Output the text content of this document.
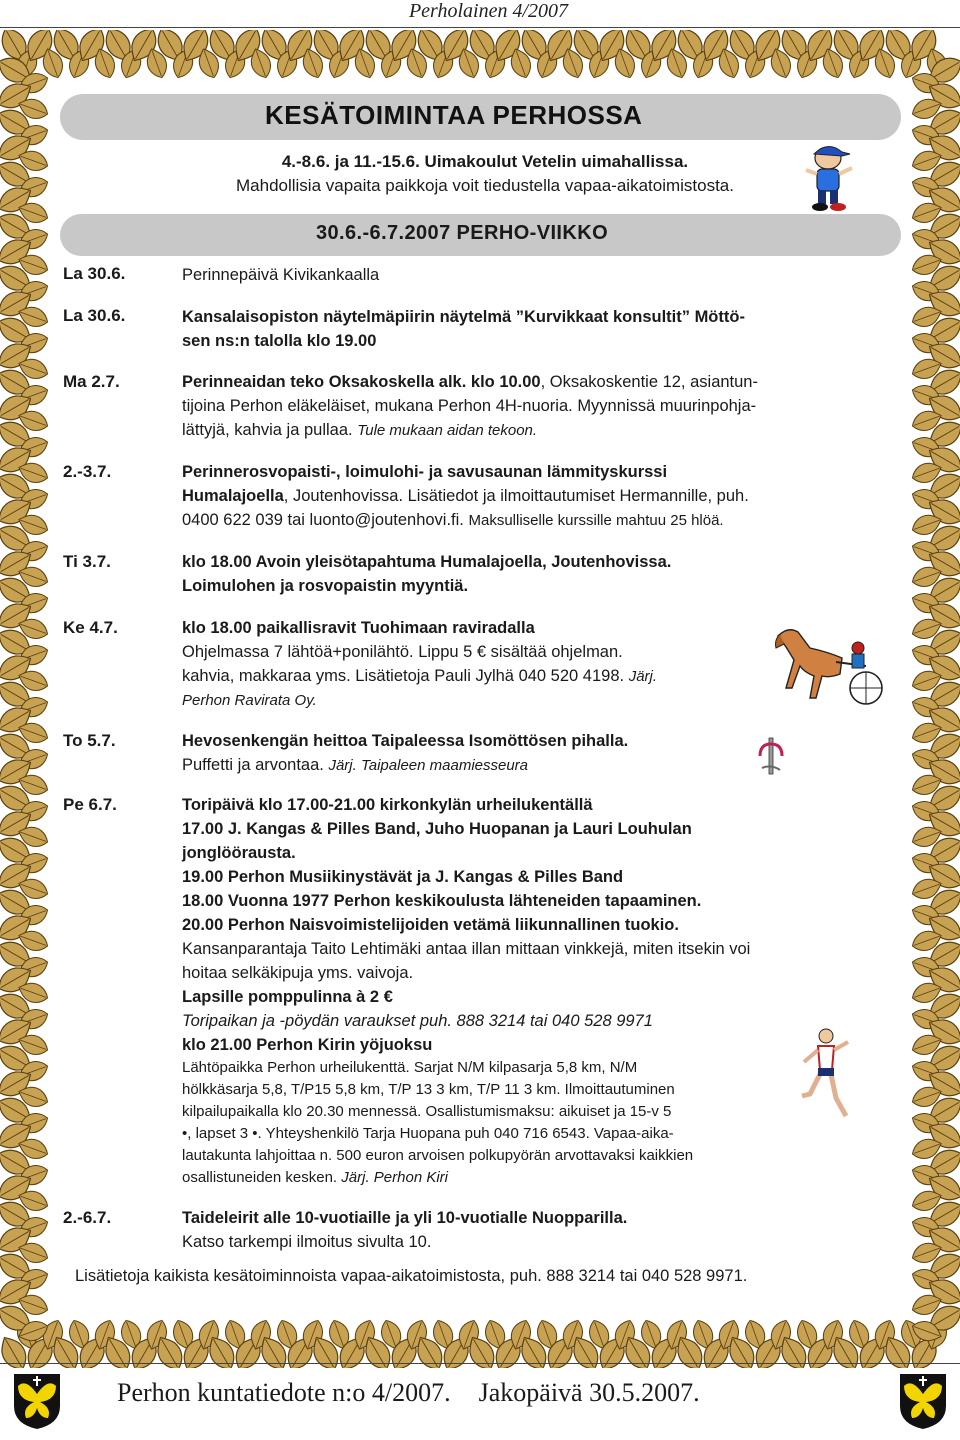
Perholainen 4/2007
KESÄTOIMINTAA PERHOSSA
4.-8.6. ja 11.-15.6. Uimakoulut Vetelin uimahallissa.
Mahdollisia vapaita paikkoja voit tiedustella vapaa-aikatoimistosta.
30.6.-6.7.2007 PERHO-VIIKKO
La 30.6.	Perinnepäivä Kivikankaalla
La 30.6.	Kansalaisopiston näytelmäpiirin näytelmä ”Kurvikkaat konsultit” Möttö-
sen ns:n talolla klo 19.00
Ma 2.7.	Perinneaidan teko Oksakoskella alk. klo 10.00, Oksakoskentie 12, asiantun-
tijoina Perhon eläkeläiset, mukana Perhon 4H-nuoria. Myynnissä muurinpohja-
lättyjä, kahvia ja pullaa. Tule mukaan aidan tekoon.
2.-3.7.	Perinnerosvopaisti-, loimulohi- ja savusaunan lämmityskurssi
Humalajoella, Joutenhovissa. Lisätiedot ja ilmoittautumiset Hermannille, puh.
0400 622 039 tai luonto@joutenhovi.fi. Maksulliselle kurssille mahtuu 25 hlöä.
Ti 3.7.	klo 18.00 Avoin yleisötapahtuma Humalajoella, Joutenhovissa.
Loimulohen ja rosvopaistin myyntiä.
Ke 4.7.	klo 18.00 paikallisravit Tuohimaan raviradalla
Ohjelmassa 7 lähtöä+ponilähtö. Lippu 5 € sisältää ohjelman.
kahvia, makkaraa yms. Lisätietoja Pauli Jylhä 040 520 4198. Järj.
Perhon Ravirata Oy.
To 5.7.	Hevosenkengän heittoa Taipaleessa Isomöttösen pihalla.
Puffetti ja arvontaa. Järj. Taipaleen maamiesseura
Pe 6.7.	Toripäivä klo 17.00-21.00 kirkonkylän urheilukentällä
17.00 J. Kangas & Pilles Band, Juho Huopanan ja Lauri Louhulan
jonglöörausta.
19.00 Perhon Musiikinystävät ja J. Kangas & Pilles Band
18.00 Vuonna 1977 Perhon keskikoulusta lähteneiden tapaaminen.
20.00 Perhon Naisvoimistelijoiden vetämä liikunnallinen tuokio.
Kansanparantaja Taito Lehtimäki antaa illan mittaan vinkkejä, miten itsekin voi
hoitaa selkäkipuja yms. vaivoja.
Lapsille pomppulinna à 2 €
Toripaikan ja -pöydän varaukset puh. 888 3214 tai 040 528 9971
klo 21.00 Perhon Kirin yöjuoksu
Lähtöpaikka Perhon urheilukenttä. Sarjat N/M kilpasarja 5,8 km, N/M
hölkkäsarja 5,8, T/P15 5,8 km, T/P 13 3 km, T/P 11 3 km. Ilmoittautuminen
kilpailupaikalla klo 20.30 mennessä. Osallistumismaksu: aikuiset ja 15-v 5
•, lapset 3 •. Yhteyshenkilö Tarja Huopana puh 040 716 6543. Vapaa-aika-
lautakunta lahjoittaa n. 500 euron arvoisen polkupyörän arvottavaksi kaikkien
osallistuneiden kesken. Järj. Perhon Kiri
2.-6.7.	Taideleirit alle 10-vuotiaille ja yli 10-vuotialle Nuopparilla.
Katso tarkempi ilmoitus sivulta 10.
Lisätietoja kaikista kesätoiminnoista vapaa-aikatoimistosta, puh. 888 3214 tai 040 528 9971.
Perhon kuntatiedote n:o 4/2007. Jakopäivä 30.5.2007.
